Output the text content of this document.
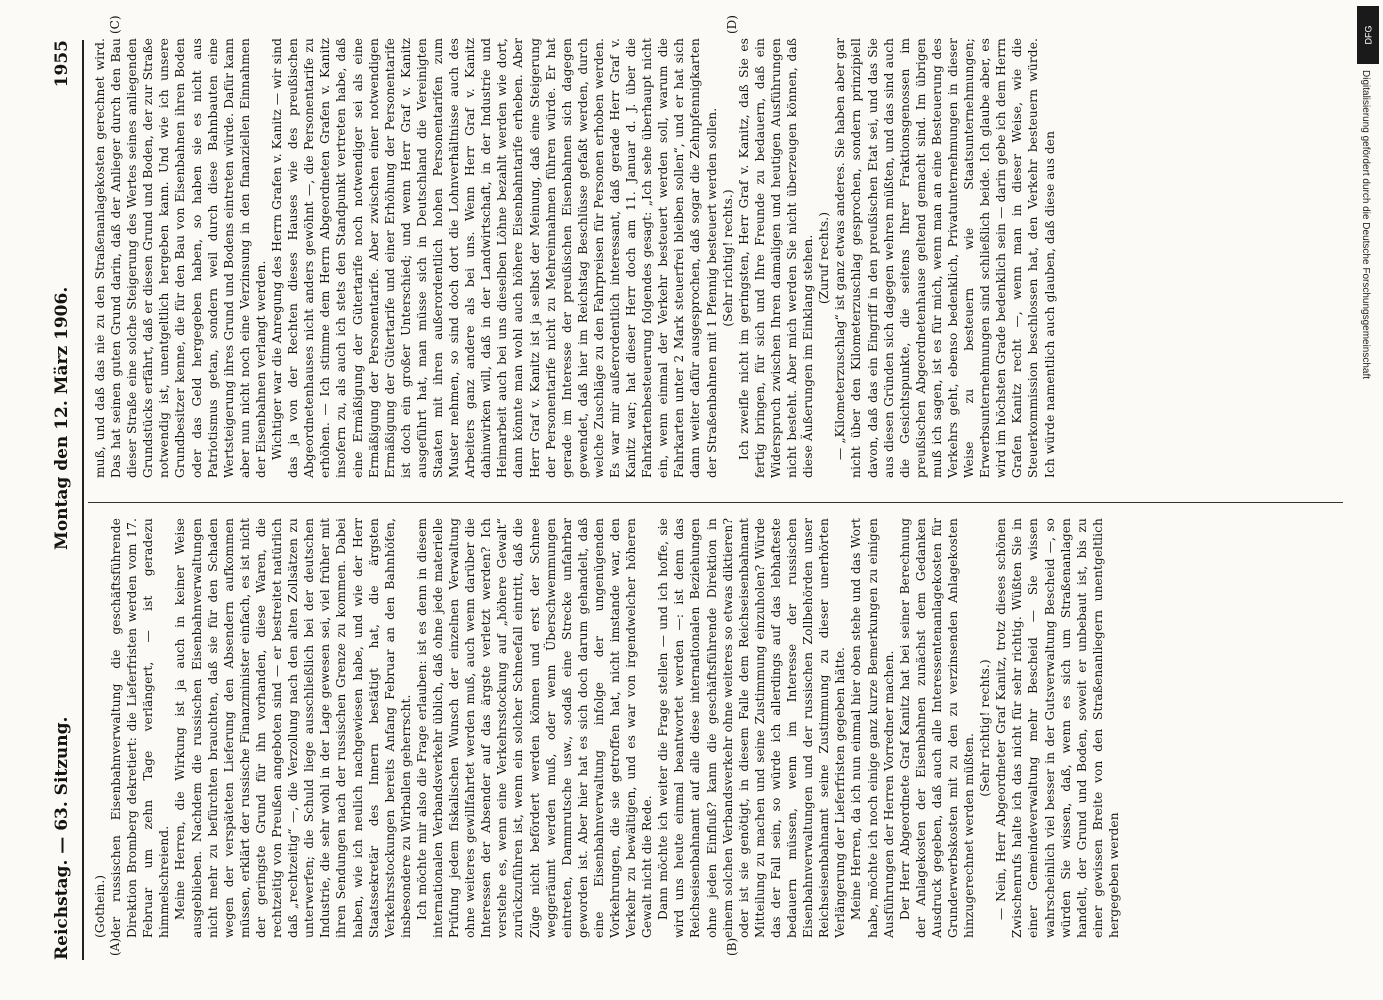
Reichstag. — 63. Sitzung.
Montag den 12. März 1906.
1955
(A)	(B)
(C)	(D)

(Gothein.) der russischen Eisenbahnverwaltung die geschäftsführende Direktion Bromberg dekretiert: die Lieferfristen werden vom 17. Februar um zehn Tage verlängert, — ist geradezu himmelschreiend. Meine Herren, die Wirkung ist ja auch in keiner Weise ausgeblieben. Nachdem die russischen Eisenbahnverwaltungen nicht mehr zu befürchten brauchten, daß sie für den Schaden wegen der verspäteten Lieferung den Absendern aufkommen müssen, erklärt der russische Finanzminister einfach, es ist nicht der geringste Grund für ihn vorhanden, diese Waren, die rechtzeitig von Preußen angeboten sind — er bestreitet natürlich daß „rechtzeitig“ —, die Verzollung nach den alten Zollsätzen zu unterwerfen; die Schuld liege ausschließlich bei der deutschen Industrie, die sehr wohl in der Lage gewesen sei, viel früher mit ihren Sendungen nach der russischen Grenze zu kommen. Dabei haben, wie ich neulich nachgewiesen habe, und wie der Herr Staatssekretär des Innern bestätigt hat, die ärgsten Verkehrsstockungen bereits Anfang Februar an den Bahnhöfen, insbesondere zu Wirballen geherrscht. Ich möchte mir also die Frage erlauben: ist es denn in diesem internationalen Verbandsverkehr üblich, daß ohne jede materielle Prüfung jedem fiskalischen Wunsch der einzelnen Verwaltung ohne weiteres gewillfahrtet werden muß, auch wenn darüber die Interessen der Absender auf das ärgste verletzt werden? Ich verstehe es, wenn eine Verkehrsstockung auf „höhere Gewalt“ zurückzuführen ist, wenn ein solcher Schneefall eintritt, daß die Züge nicht befördert werden können und erst der Schnee weggeräumt werden muß, oder wenn Überschwemmungen eintreten, Dammrutsche usw., sodaß eine Strecke unfahrbar geworden ist. Aber hier hat es sich doch darum gehandelt, daß eine Eisenbahnverwaltung infolge der ungenügenden Vorkehrungen, die sie getroffen hat, nicht imstande war, den Verkehr zu bewältigen, und es war von irgendwelcher höheren Gewalt nicht die Rede. Dann möchte ich weiter die Frage stellen — und ich hoffe, sie wird uns heute einmal beantwortet werden —: ist denn das Reichseisenbahnamt auf alle diese internationalen Beziehungen ohne jeden Einfluß? kann die geschäftsführende Direktion in einem solchen Verbandsverkehr ohne weiteres so etwas diktieren? oder ist sie genötigt, in diesem Falle dem Reichseisenbahnamt Mitteilung zu machen und seine Zustimmung einzuholen? Würde das der Fall sein, so würde ich allerdings auf das lebhafteste bedauern müssen, wenn im Interesse der russischen Eisenbahnverwaltungen und der russischen Zollbehörden unser Reichseisenbahnamt seine Zustimmung zu dieser unerhörten Verlängerung der Lieferfristen gegeben hätte. Meine Herren, da ich nun einmal hier oben stehe und das Wort habe, möchte ich noch einige ganz kurze Bemerkungen zu einigen Ausführungen der Herren Vorredner machen. Der Herr Abgeordnete Graf Kanitz hat bei seiner Berechnung der Anlagekosten der Eisenbahnen zunächst dem Gedanken Ausdruck gegeben, daß auch alle Interessentenanlagekosten für Grunderwerbskosten mit zu den zu verzinsenden Anlagekosten hinzugerechnet werden müßten.

(Sehr richtig! rechts.) — Nein, Herr Abgeordneter Graf Kanitz, trotz dieses schönen Zwischenrufs halte ich das nicht für sehr richtig. Wüßten Sie in einer Gemeindeverwaltung mehr Bescheid — Sie wissen wahrscheinlich viel besser in der Gutsverwaltung Bescheid —, so würden Sie wissen, daß, wenn es sich um Straßenanlagen handelt, der Grund und Boden, soweit er unbebaut ist, bis zu einer gewissen Breite von den Straßenanliegern unentgeltlich hergegeben werden

muß, und daß das nie zu den Straßenanlagekosten gerechnet wird. Das hat seinen guten Grund darin, daß der Anlieger durch den Bau dieser Straße eine solche Steigerung des Wertes seines anliegenden Grundstücks erfährt, daß er diesen Grund und Boden, der zur Straße notwendig ist, unentgeltlich hergeben kann. Und wie ich unsere Grundbesitzer kenne, die für den Bau von Eisenbahnen ihren Boden oder das Geld hergegeben haben, so haben sie es nicht aus Patriotismus getan, sondern weil durch diese Bahnbauten eine Wertsteigerung ihres Grund und Bodens eintreten würde. Dafür kann aber nun nicht noch eine Verzinsung in den finanziellen Einnahmen der Eisenbahnen verlangt werden. Wichtiger war die Anregung des Herrn Grafen v. Kanitz — wir sind das ja von der Rechten dieses Hauses wie des preußischen Abgeordnetenhauses nicht anders gewöhnt —, die Personentarife zu erhöhen. — Ich stimme dem Herrn Abgeordneten Grafen v. Kanitz insofern zu, als auch ich stets den Standpunkt vertreten habe, daß eine Ermäßigung der Gütertarife noch notwendiger sei als eine Ermäßigung der Personentarife. Aber zwischen einer notwendigen Ermäßigung der Gütertarife und einer Erhöhung der Personentarife ist doch ein großer Unterschied; und wenn Herr Graf v. Kanitz ausgeführt hat, man müsse sich in Deutschland die Vereinigten Staaten mit ihren außerordentlich hohen Personentarifen zum Muster nehmen, so sind doch dort die Lohnverhältnisse auch des Arbeiters ganz andere als bei uns. Wenn Herr Graf v. Kanitz dahinwirken will, daß in der Landwirtschaft, in der Industrie und Heimarbeit auch bei uns dieselben Löhne bezahlt werden wie dort, dann könnte man wohl auch höhere Eisenbahntarife erheben. Aber Herr Graf v. Kanitz ist ja selbst der Meinung, daß eine Steigerung der Personentarife nicht zu Mehreinnahmen führen würde. Er hat gerade im Interesse der preußischen Eisenbahnen sich dagegen gewendet, daß hier im Reichstag Beschlüsse gefaßt werden, durch welche Zuschläge zu den Fahrpreisen für Personen erhoben werden. Es war mir außerordentlich interessant, daß gerade Herr Graf v. Kanitz war; hat dieser Herr doch am 11. Januar d. J. über die Fahrkartenbesteuerung folgendes gesagt: „Ich sehe überhaupt nicht ein, wenn einmal der Verkehr besteuert werden soll, warum die Fahrkarten unter 2 Mark steuerfrei bleiben sollen“, und er hat sich dann weiter dafür ausgesprochen, daß sogar die Zehnpfennigkarten der Straßenbahnen mit 1 Pfennig besteuert werden sollen. (Sehr richtig! rechts.) Ich zweifle nicht im geringsten, Herr Graf v. Kanitz, daß Sie es fertig bringen, für sich und Ihre Freunde zu bedauern, daß ein Widerspruch zwischen Ihren damaligen und heutigen Ausführungen nicht besteht. Aber mich werden Sie nicht überzeugen können, daß diese Äußerungen im Einklang stehen. (Zuruf rechts.) — „Kilometerzuschlag“ ist ganz etwas anderes. Sie haben aber gar nicht über den Kilometerzuschlag gesprochen, sondern prinzipiell davon, daß das ein Eingriff in den preußischen Etat sei, und das Sie aus diesen Gründen sich dagegen wehren müßten, und das sind auch die Gesichtspunkte, die seitens Ihrer Fraktionsgenossen im preußischen Abgeordnetenhause geltend gemacht sind. Im übrigen muß ich sagen, ist es für mich, wenn man an eine Besteuerung des Verkehrs geht, ebenso bedenklich, Privatunternehmungen in dieser Weise zu besteuern wie Staatsunternehmungen; Erwerbsunternehmungen sind schließlich beide. Ich glaube aber, es wird im höchsten Grade bedenklich sein — darin gebe ich dem Herrn Grafen Kanitz recht —, wenn man in dieser Weise, wie die Steuerkommission beschlossen hat, den Verkehr besteuern würde. Ich würde namentlich auch glauben, daß diese aus den

DFG
Digitalisierung gefördert durch die Deutsche Forschungsgemeinschaft
